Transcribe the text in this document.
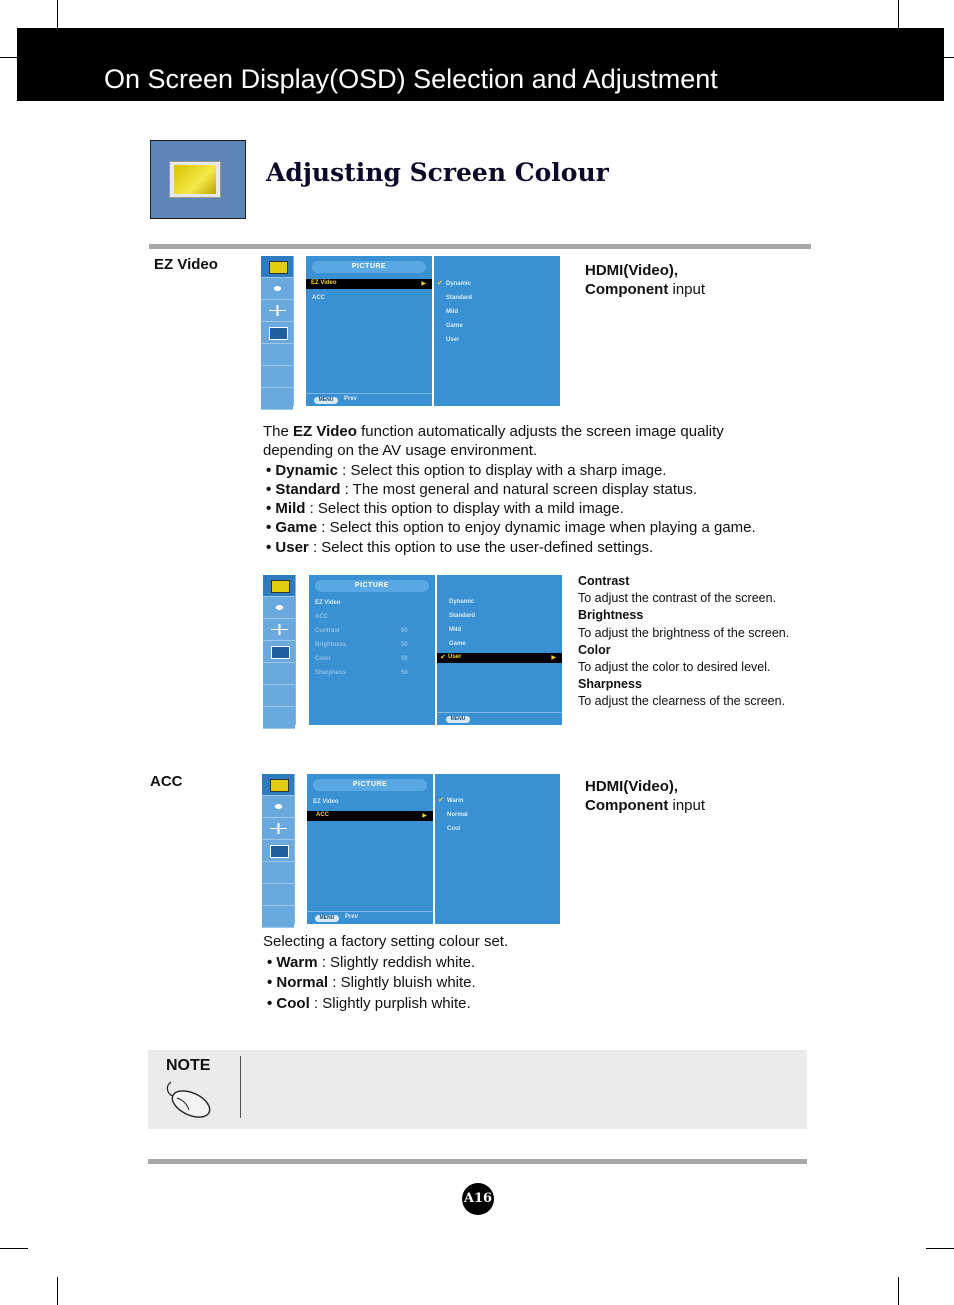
On Screen Display(OSD) Selection and Adjustment
Adjusting Screen Colour
EZ Video	PICTURE
EZ Video	▶
ACC
MENU	Prev
✔ Dynamic
Standard
Mild
Game
User
HDMI(Video),
Component input
The EZ Video function automatically adjusts the screen image quality
depending on the AV usage environment.
• Dynamic : Select this option to display with a sharp image.
• Standard : The most general and natural screen display status.
• Mild : Select this option to display with a mild image.
• Game : Select this option to enjoy dynamic image when playing a game.
• User : Select this option to use the user-defined settings.
PICTURE
EZ Video
ACC
Contrast	50
Brightness	50
Color	50
Sharpness	50
Dynamic
Standard
Mild
Game
User	▶
✔
MENU
Contrast
To adjust the contrast of the screen.
Brightness
To adjust the brightness of the screen.
Color
To adjust the color to desired level.
Sharpness
To adjust the clearness of the screen.
ACC	PICTURE
EZ Video
ACC	▶
MENU	Prev
✔ Warm
Normal
Cool
HDMI(Video),
Component input
Selecting a factory setting colour set.
• Warm : Slightly reddish white.
• Normal : Slightly bluish white.
• Cool : Slightly purplish white.
NOTE
A16
